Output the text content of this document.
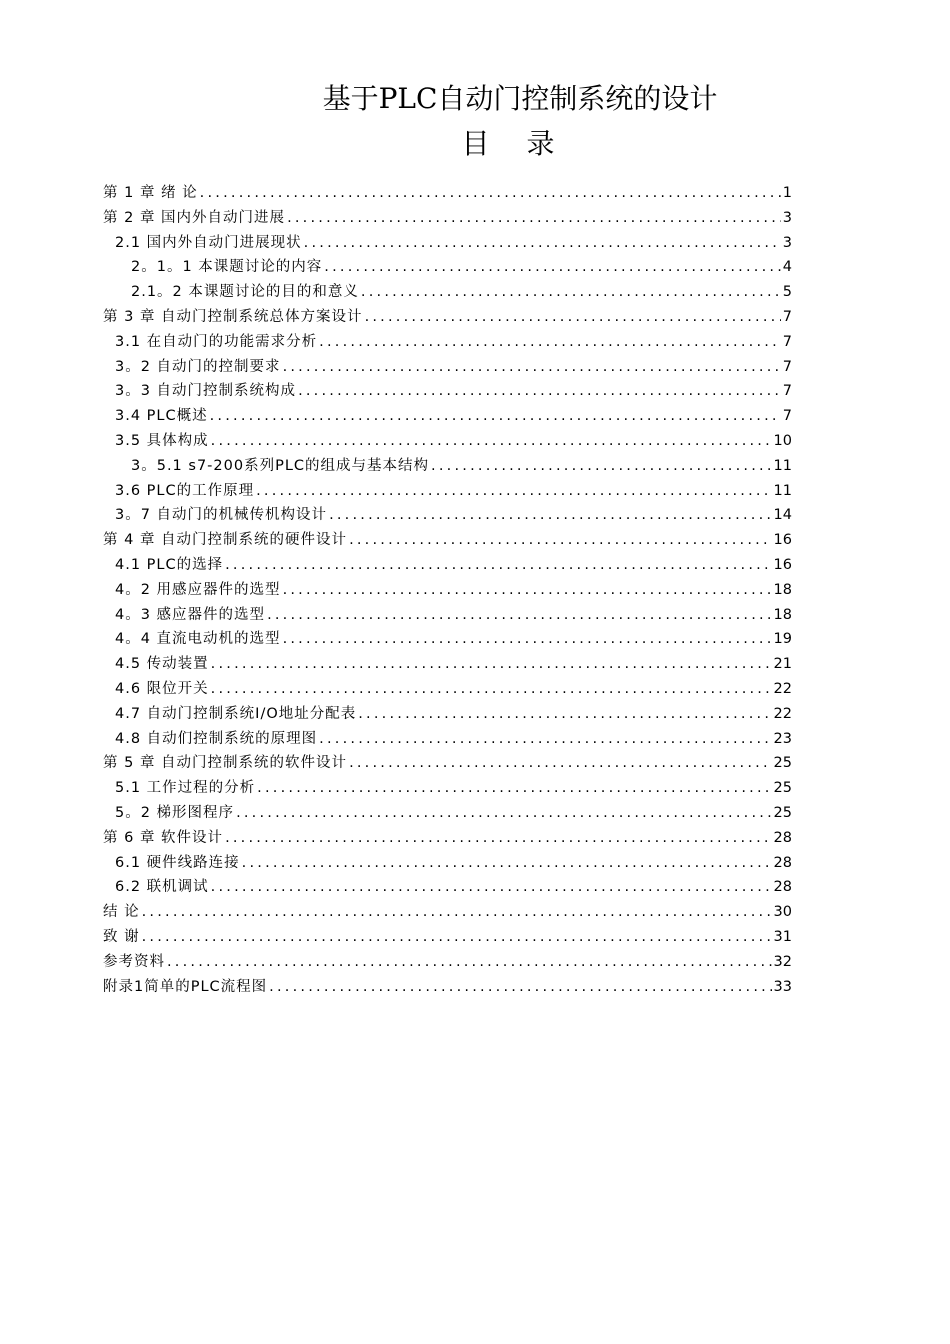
基于PLC自动门控制系统的设计
目 录
第 1 章 绪 论 .....	1
第 2 章 国内外自动门进展 .....	3
2.1 国内外自动门进展现状 .....	3
2。1。1 本课题讨论的内容 .....	4
2.1。2 本课题讨论的目的和意义 .....	5
第 3 章 自动门控制系统总体方案设计 .....	7
3.1 在自动门的功能需求分析 .....	7
3。2 自动门的控制要求 .....	7
3。3 自动门控制系统构成 .....	7
3.4 PLC概述 .....	7
3.5 具体构成 .....	10
3。5.1 s7-200系列PLC的组成与基本结构 .....	11
3.6 PLC的工作原理 .....	11
3。7 自动门的机械传机构设计 .....	14
第 4 章 自动门控制系统的硬件设计 .....	16
4.1 PLC的选择 .....	16
4。2 用感应器件的选型 .....	18
4。3 感应器件的选型 .....	18
4。4 直流电动机的选型 .....	19
4.5 传动装置 .....	21
4.6 限位开关 .....	22
4.7 自动门控制系统I/O地址分配表 .....	22
4.8 自动们控制系统的原理图 .....	23
第 5 章 自动门控制系统的软件设计 .....	25
5.1 工作过程的分析 .....	25
5。2 梯形图程序 .....	25
第 6 章 软件设计 .....	28
6.1 硬件线路连接 .....	28
6.2 联机调试 .....	28
结 论 .....	30
致 谢 .....	31
参考资料 .....	32
附录1简单的PLC流程图 .....	33
